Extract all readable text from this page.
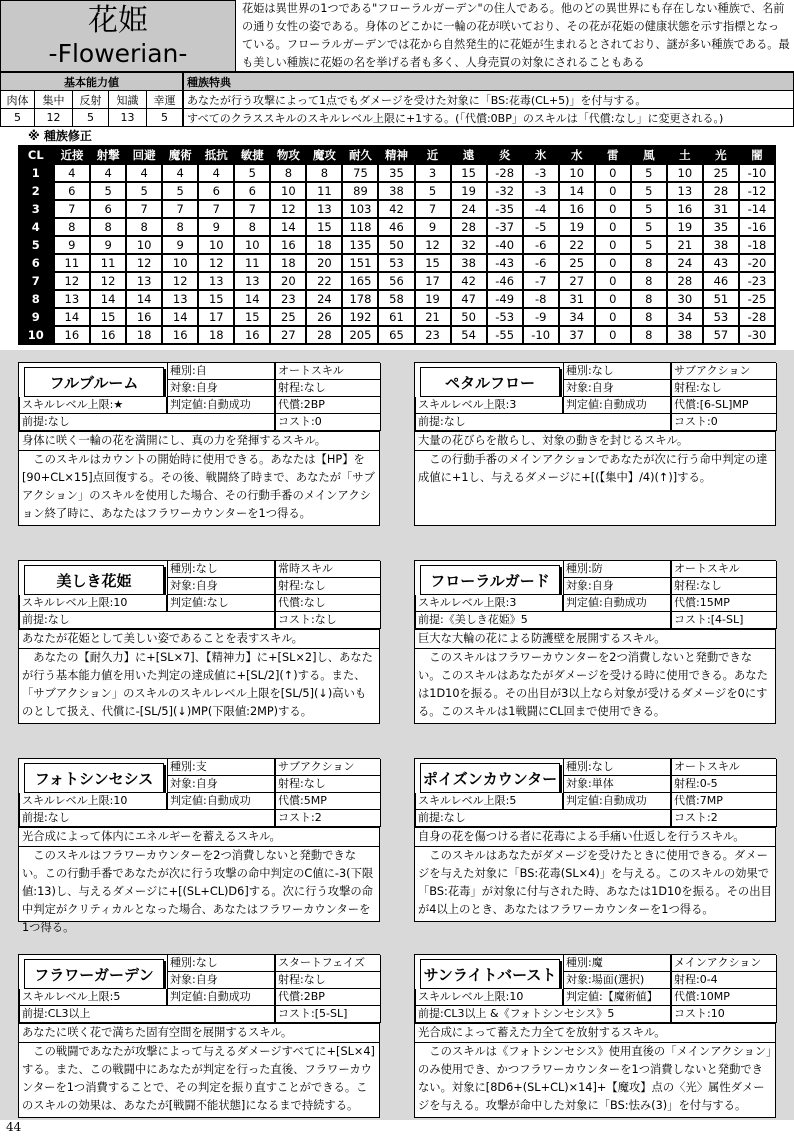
花姫
-Flowerian-
花姫は異世界の1つである"フローラルガーデン"の住人である。他のどの異世界にも存在しない種族で、名前の通り女性の姿である。身体のどこかに一輪の花が咲いており、その花が花姫の健康状態を示す指標となっている。フローラルガーデンでは花から自然発生的に花姫が生まれるとされており、謎が多い種族である。最も美しい種族に花姫の名を挙げる者も多く、人身売買の対象にされることもある
基本能力値				
肉体	集中	反射	知識	幸運
5	12	5	13	5
種族特典
あなたが行う攻撃によって1点でもダメージを受けた対象に「BS:花毒(CL+5)」を付与する。
すべてのクラススキルのスキルレベル上限に+1する。(「代償:0BP」のスキルは「代償:なし」に変更される。)
※ 種族修正
CL	近接	射撃	回避	魔術	抵抗	敏捷	物攻	魔攻	耐久	精神	近	遠	炎	氷	水	雷	風	土	光	闇
1	4	4	4	4	4	5	8	8	75	35	3	15	-28	-3	10	0	5	10	25	-10
2	6	5	5	5	6	6	10	11	89	38	5	19	-32	-3	14	0	5	13	28	-12
3	7	6	7	7	7	7	12	13	103	42	7	24	-35	-4	16	0	5	16	31	-14
4	8	8	8	8	9	8	14	15	118	46	9	28	-37	-5	19	0	5	19	35	-16
5	9	9	10	9	10	10	16	18	135	50	12	32	-40	-6	22	0	5	21	38	-18
6	11	11	12	10	12	11	18	20	151	53	15	38	-43	-6	25	0	8	24	43	-20
7	12	12	13	12	13	13	20	22	165	56	17	42	-46	-7	27	0	8	28	46	-23
8	13	14	14	13	15	14	23	24	178	58	19	47	-49	-8	31	0	8	30	51	-25
9	14	15	16	14	17	15	25	26	192	61	21	50	-53	-9	34	0	8	34	53	-28
10	16	16	18	16	18	16	27	28	205	65	23	54	-55	-10	37	0	8	38	57	-30
フルブルーム
種別:自	オートスキル
対象:自身	射程:なし
スキルレベル上限:★	判定値:自動成功	代償:2BP
前提:なし	コスト:0
身体に咲く一輪の花を満開にし、真の力を発揮するスキル。
このスキルはカウントの開始時に使用できる。あなたは【HP】を[90+CL×15]点回復する。その後、戦闘終了時まで、あなたが「サブアクション」のスキルを使用した場合、その行動手番のメインアクション終了時に、あなたはフラワーカウンターを1つ得る。
ペタルフロー
種別:なし	サブアクション
対象:自身	射程:なし
スキルレベル上限:3	判定値:自動成功	代償:[6-SL]MP
前提:なし	コスト:0
大量の花びらを散らし、対象の動きを封じるスキル。
この行動手番のメインアクションであなたが次に行う命中判定の達成値に+1し、与えるダメージに+[(【集中】/4)(↑)]する。
美しき花姫
種別:なし	常時スキル
対象:自身	射程:なし
スキルレベル上限:10	判定値:なし	代償:なし
前提:なし	コスト:なし
あなたが花姫として美しい姿であることを表すスキル。
あなたの【耐久力】に+[SL×7]、【精神力】に+[SL×2]し、あなたが行う基本能力値を用いた判定の達成値に+[SL/2](↑)する。また、「サブアクション」のスキルのスキルレベル上限を[SL/5](↓)高いものとして扱え、代償に-[SL/5](↓)MP(下限値:2MP)する。
フローラルガード
種別:防	オートスキル
対象:自身	射程:なし
スキルレベル上限:3	判定値:自動成功	代償:15MP
前提:《美しき花姫》5	コスト:[4-SL]
巨大な大輪の花による防護壁を展開するスキル。
このスキルはフラワーカウンターを2つ消費しないと発動できない。このスキルはあなたがダメージを受ける時に使用できる。あなたは1D10を振る。その出目が3以上なら対象が受けるダメージを0にする。このスキルは1戦闘にCL回まで使用できる。
フォトシンセシス
種別:支	サブアクション
対象:自身	射程:なし
スキルレベル上限:10	判定値:自動成功	代償:5MP
前提:なし	コスト:2
光合成によって体内にエネルギーを蓄えるスキル。
このスキルはフラワーカウンターを2つ消費しないと発動できない。この行動手番であなたが次に行う攻撃の命中判定のC値に-3(下限値:13)し、与えるダメージに+[(SL+CL)D6]する。次に行う攻撃の命中判定がクリティカルとなった場合、あなたはフラワーカウンターを1つ得る。
ポイズンカウンター
種別:なし	オートスキル
対象:単体	射程:0-5
スキルレベル上限:5	判定値:自動成功	代償:7MP
前提:なし	コスト:2
自身の花を傷つける者に花毒による手痛い仕返しを行うスキル。
このスキルはあなたがダメージを受けたときに使用できる。ダメージを与えた対象に「BS:花毒(SL×4)」を与える。このスキルの効果で「BS:花毒」が対象に付与された時、あなたは1D10を振る。その出目が4以上のとき、あなたはフラワーカウンターを1つ得る。
フラワーガーデン
種別:なし	スタートフェイズ
対象:自身	射程:なし
スキルレベル上限:5	判定値:自動成功	代償:2BP
前提:CL3以上	コスト:[5-SL]
あなたに咲く花で満ちた固有空間を展開するスキル。
この戦闘であなたが攻撃によって与えるダメージすべてに+[SL×4]する。また、この戦闘中にあなたが判定を行った直後、フラワーカウンターを1つ消費することで、その判定を振り直すことができる。このスキルの効果は、あなたが[戦闘不能状態]になるまで持続する。
サンライトバースト
種別:魔	メインアクション
対象:場面(選択)	射程:0-4
スキルレベル上限:10	判定値:【魔術値】	代償:10MP
前提:CL3以上 &《フォトシンセシス》5	コスト:10
光合成によって蓄えた力全てを放射するスキル。
このスキルは《フォトシンセシス》使用直後の「メインアクション」のみ使用でき、かつフラワーカウンターを1つ消費しないと発動できない。対象に[8D6+(SL+CL)×14]+【魔攻】点の〈光〉属性ダメージを与える。攻撃が命中した対象に「BS:怯み(3)」を付与する。
44
